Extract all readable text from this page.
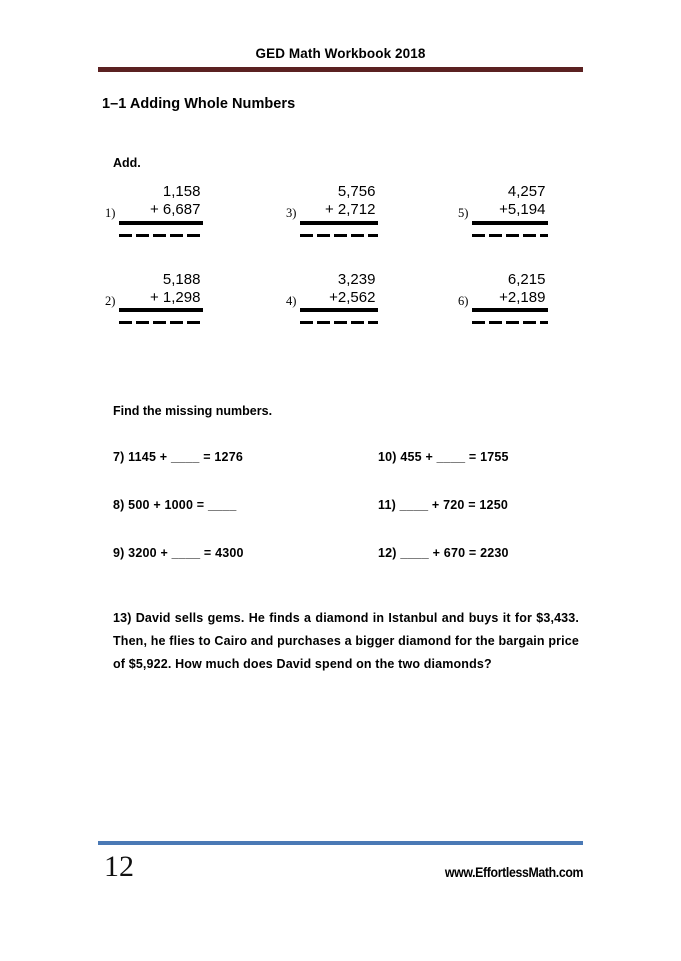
GED Math Workbook 2018
1–1 Adding Whole Numbers
Add.
1)
1,158
+ 6,687	3)
5,756
+ 2,712	5)
4,257
+5,194
2)
5,188
+ 1,298	4)
3,239
+2,562	6)
6,215
+2,189
Find the missing numbers.
7) 1145 + ____ = 1276	10) 455 + ____ = 1755
8) 500 + 1000 = ____	11) ____ + 720 = 1250
9) 3200 + ____ = 4300	12) ____ + 670 = 2230
13) David sells gems. He finds a diamond in Istanbul and buys it for $3,433. Then, he flies to Cairo and purchases a bigger diamond for the bargain price of $5,922. How much does David spend on the two diamonds?
12	www.EffortlessMath.com
